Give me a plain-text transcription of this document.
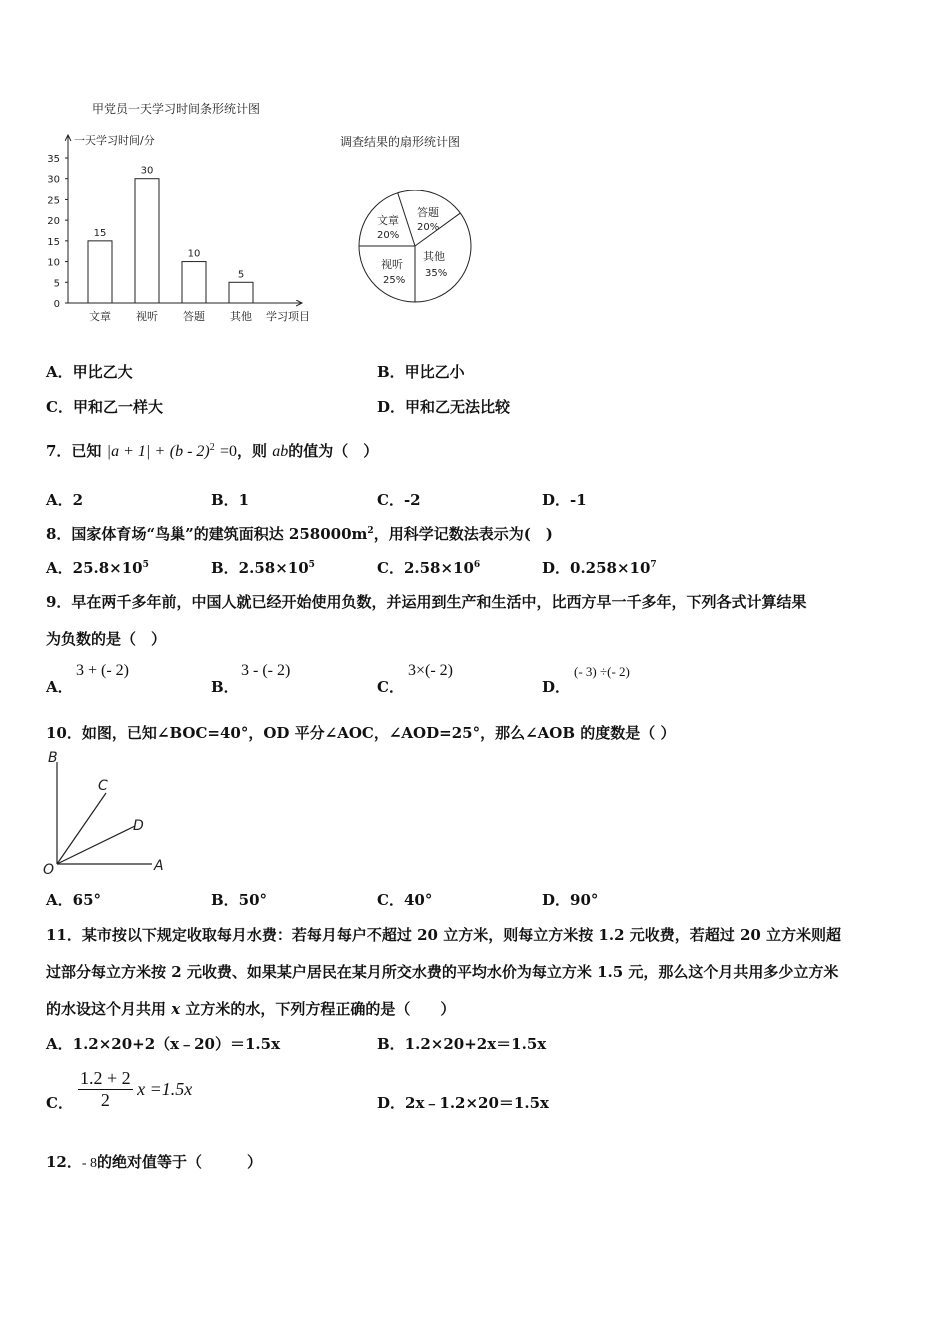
甲党员一天学习时间条形统计图
一天学习时间/分
35
30
25
20
15
10
5
0
15
文章
30
视听
10
答题
5
其他 学习项目
调查结果的扇形统计图
文章
20%
答题
20%
其他
35%
视听
25%
A．甲比乙大	B．甲比乙小
C．甲和乙一样大	D．甲和乙无法比较
7．已知 |a + 1| + (b - 2)$^2$ =0，则 ab的值为（　）
A．2	B．1	C．-2	D．-1
8．国家体育场“鸟巢”的建筑面积达 $258000m^2$，用科学记数法表示为(　)
A．$25.8\times 10^5$	B．$2.58\times 10^5$	C．$2.58\times 10^6$	D．$0.258\times 10^7$
9．早在两千多年前，中国人就已经开始使用负数，并运用到生产和生活中，比西方早一千多年，下列各式计算结果
为负数的是（　）
A．
3 + (- 2)
B．
3 - (- 2)
C．
3×(- 2)
D．
(- 3) ÷(- 2)
10．如图，已知∠BOC=40°，OD 平分∠AOC，∠AOD=25°，那么∠AOB 的度数是（ ）
B
C
D
O	A
A．65°	B．50°	C．40°	D．90°
11．某市按以下规定收取每月水费：若每月每户不超过 20 立方米，则每立方米按 1.2 元收费，若超过 20 立方米则超
过部分每立方米按 2 元收费、如果某户居民在某月所交水费的平均水价为每立方米 1.5 元，那么这个月共用多少立方米
的水设这个月共用 x 立方米的水，下列方程正确的是（　　）
A．1.2×20+2（x﹣20）＝1.5x	B．1.2×20+2x＝1.5x
C． $\frac{1.2 + 2}{2}$ x =1.5x
D．2x﹣1.2×20＝1.5x
12．- 8的绝对值等于（　　　）
